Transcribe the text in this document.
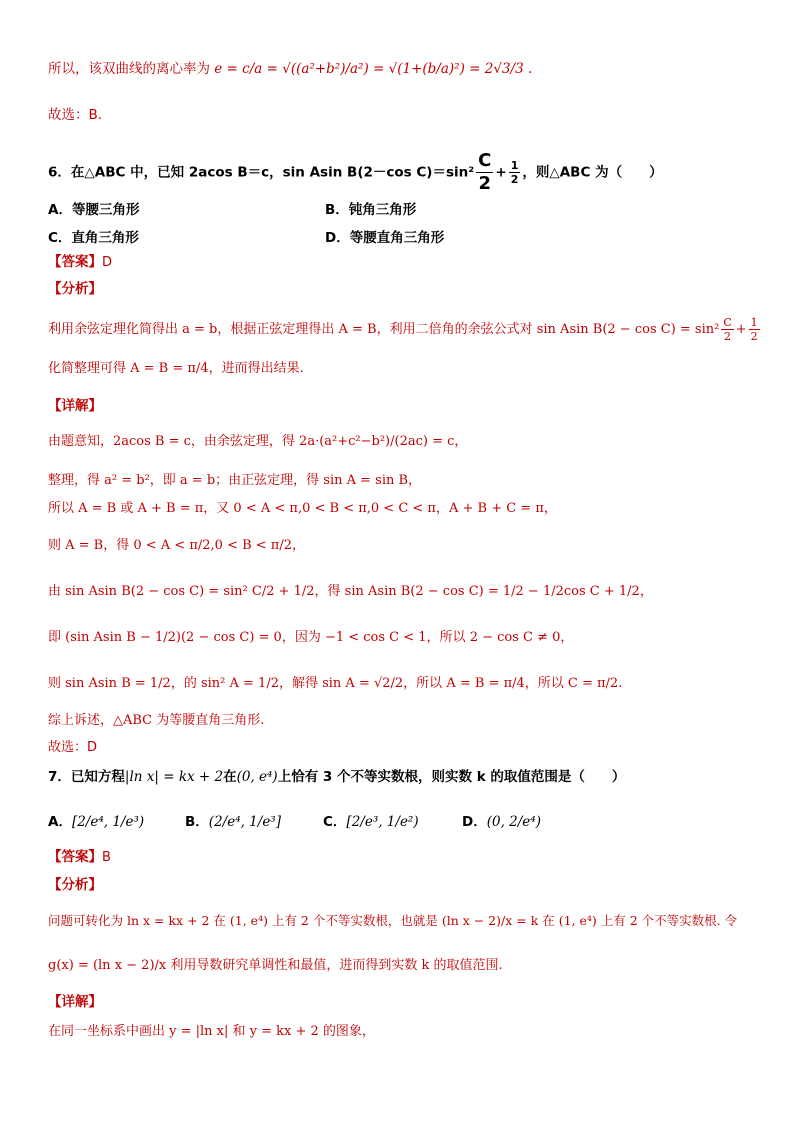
所以，该双曲线的离心率为 e = c/a = √((a²+b²)/a²) = √(1+(b/a)²) = 2√3/3 .
故选：B.
6．在△ABC 中，已知 2acos B＝c，sin Asin B(2－cos $C)=\sin^2 \frac{C}{2} + \frac{1}{2}$ ，则△ABC 为（　　）
A．等腰三角形	B．钝角三角形
C．直角三角形	D．等腰直角三角形
【答案】D
【分析】
利用余弦定理化简得出 a = b，根据正弦定理得出 A = B，利用二倍角的余弦公式对 sin Asin $B(2 - \cos C) = \sin^2 \frac{C}{2} + \frac{1}{2}$
化简整理可得 A = B = π/4，进而得出结果.
【详解】
由题意知，2acos B = c，由余弦定理，得 2a·(a²+c²−b²)/(2ac) = c，
整理，得 a² = b²，即 a = b；由正弦定理，得 sin A = sin B，
所以 A = B 或 A + B = π，又 0 < A < π,0 < B < π,0 < C < π，A + B + C = π，
则 A = B，得 0 < A < π/2,0 < B < π/2，
由 sin Asin B(2 − cos C) = sin² C/2 + 1/2，得 sin Asin B(2 − cos C) = 1/2 − 1/2cos C + 1/2，
即 (sin Asin B − 1/2)(2 − cos C) = 0，因为 −1 < cos C < 1，所以 2 − cos C ≠ 0，
则 sin Asin B = 1/2，的 sin² A = 1/2，解得 sin A = √2/2，所以 A = B = π/4，所以 C = π/2.
综上诉述，△ABC 为等腰直角三角形.
故选：D
7．已知方程|ln x| = kx + 2在(0, e⁴)上恰有 3 个不等实数根，则实数 k 的取值范围是（　　）
A．[2/e⁴, 1/e³)	B．(2/e⁴, 1/e³]	C．[2/e³, 1/e²)	D．(0, 2/e⁴)
【答案】B
【分析】
问题可转化为 ln x = kx + 2 在 (1, e⁴) 上有 2 个不等实数根，也就是 (ln x − 2)/x = k 在 (1, e⁴) 上有 2 个不等实数根. 令
g(x) = (ln x − 2)/x 利用导数研究单调性和最值，进而得到实数 k 的取值范围.
【详解】
在同一坐标系中画出 y = |ln x| 和 y = kx + 2 的图象，
